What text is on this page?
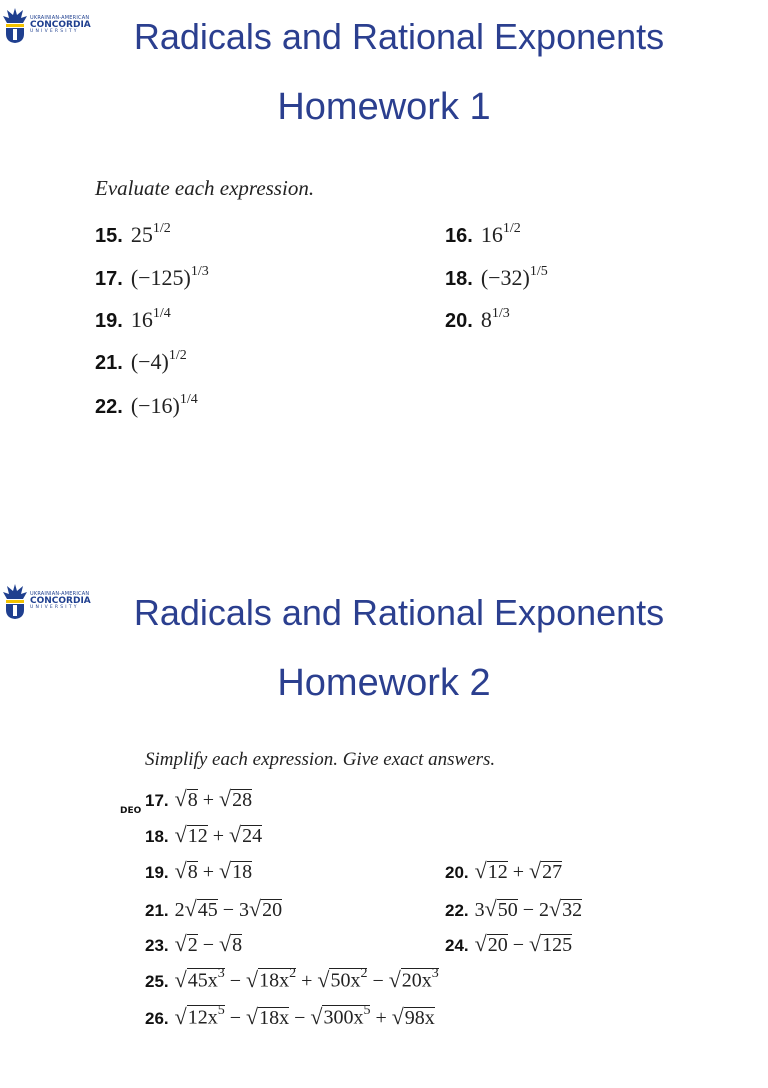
UKRAINIAN-AMERICAN
CONCORDIA
UNIVERSITY	Radicals and Rational Exponents
Homework 1
Evaluate each expression.
15. $25^{1/2}$	16. $16^{1/2}$
17. $(-125)^{1/3}$	18. $(-32)^{1/5}$
19. $16^{1/4}$	20. $8^{1/3}$
21. $(-4)^{1/2}$
22. $(-16)^{1/4}$
UKRAINIAN-AMERICAN
CONCORDIA
UNIVERSITY	Radicals and Rational Exponents
Homework 2
Simplify each expression. Give exact answers.
DEO
17. √8 + √28
18. √12 + √24
19. √8 + √18	20. √12 + √27
21. 2√45 − 3√20	22. 3√50 − 2√32
23. √2 − √8	24. √20 − √125
25. $√45x^3 - √18x^2 + √50x^2 - √20x^3$
26. $√12x^5 - √18x - √300x^5 + √98x$
